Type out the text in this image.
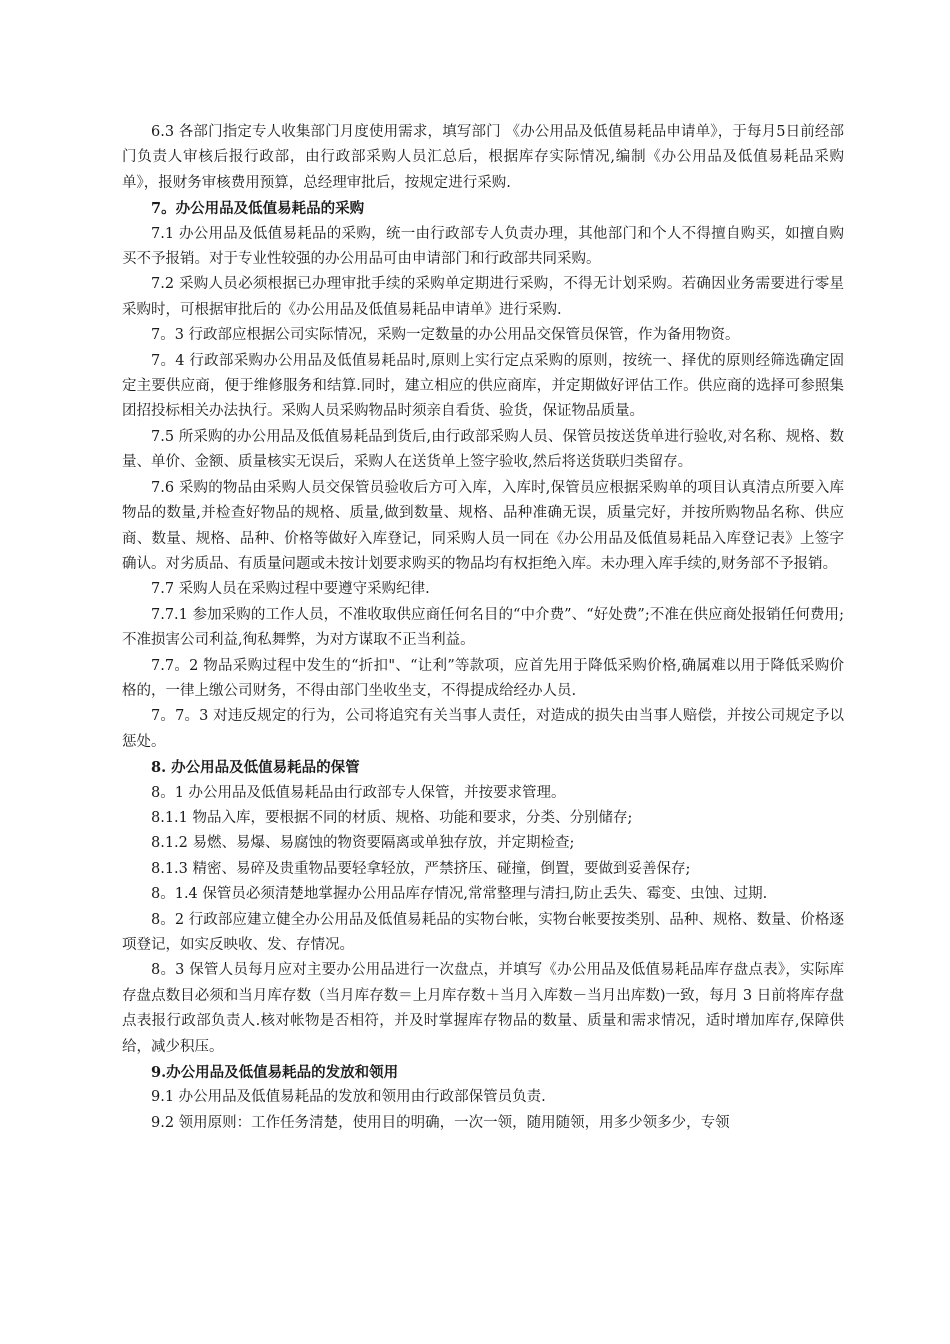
6.3 各部门指定专人收集部门月度使用需求，填写部门 《办公用品及低值易耗品申请单》，于每月5日前经部门负责人审核后报行政部，由行政部采购人员汇总后，根据库存实际情况,编制《办公用品及低值易耗品采购单》，报财务审核费用预算，总经理审批后，按规定进行采购.

7。办公用品及低值易耗品的采购

7.1 办公用品及低值易耗品的采购，统一由行政部专人负责办理，其他部门和个人不得擅自购买，如擅自购买不予报销。对于专业性较强的办公用品可由申请部门和行政部共同采购。

7.2 采购人员必须根据已办理审批手续的采购单定期进行采购，不得无计划采购。若确因业务需要进行零星采购时，可根据审批后的《办公用品及低值易耗品申请单》进行采购.

7。3 行政部应根据公司实际情况，采购一定数量的办公用品交保管员保管，作为备用物资。

7。4 行政部采购办公用品及低值易耗品时,原则上实行定点采购的原则，按统一、择优的原则经筛选确定固定主要供应商，便于维修服务和结算.同时，建立相应的供应商库，并定期做好评估工作。供应商的选择可参照集团招投标相关办法执行。采购人员采购物品时须亲自看货、验货，保证物品质量。

7.5 所采购的办公用品及低值易耗品到货后,由行政部采购人员、保管员按送货单进行验收,对名称、规格、数量、单价、金额、质量核实无误后，采购人在送货单上签字验收,然后将送货联归类留存。

7.6 采购的物品由采购人员交保管员验收后方可入库，入库时,保管员应根据采购单的项目认真清点所要入库物品的数量,并检查好物品的规格、质量,做到数量、规格、品种准确无误，质量完好，并按所购物品名称、供应商、数量、规格、品种、价格等做好入库登记，同采购人员一同在《办公用品及低值易耗品入库登记表》上签字确认。对劣质品、有质量问题或未按计划要求购买的物品均有权拒绝入库。未办理入库手续的,财务部不予报销。

7.7 采购人员在采购过程中要遵守采购纪律.

7.7.1 参加采购的工作人员，不准收取供应商任何名目的“中介费”、“好处费”;不准在供应商处报销任何费用;不准损害公司利益,徇私舞弊，为对方谋取不正当利益。

7.7。2 物品采购过程中发生的“折扣"、“让利”等款项，应首先用于降低采购价格,确属难以用于降低采购价格的，一律上缴公司财务，不得由部门坐收坐支，不得提成给经办人员.

7。7。3 对违反规定的行为，公司将追究有关当事人责任，对造成的损失由当事人赔偿，并按公司规定予以惩处。

8. 办公用品及低值易耗品的保管

8。1 办公用品及低值易耗品由行政部专人保管，并按要求管理。

8.1.1 物品入库，要根据不同的材质、规格、功能和要求，分类、分别储存;

8.1.2 易燃、易爆、易腐蚀的物资要隔离或单独存放，并定期检查;

8.1.3 精密、易碎及贵重物品要轻拿轻放，严禁挤压、碰撞，倒置，要做到妥善保存;

8。1.4 保管员必须清楚地掌握办公用品库存情况,常常整理与清扫,防止丢失、霉变、虫蚀、过期.

8。2 行政部应建立健全办公用品及低值易耗品的实物台帐，实物台帐要按类别、品种、规格、数量、价格逐项登记，如实反映收、发、存情况。

8。3 保管人员每月应对主要办公用品进行一次盘点，并填写《办公用品及低值易耗品库存盘点表》，实际库存盘点数目必须和当月库存数（当月库存数＝上月库存数＋当月入库数－当月出库数)一致，每月 3 日前将库存盘点表报行政部负责人.核对帐物是否相符，并及时掌握库存物品的数量、质量和需求情况，适时增加库存,保障供给，减少积压。

9.办公用品及低值易耗品的发放和领用

9.1 办公用品及低值易耗品的发放和领用由行政部保管员负责.

9.2 领用原则：工作任务清楚，使用目的明确，一次一领，随用随领，用多少领多少，专领
